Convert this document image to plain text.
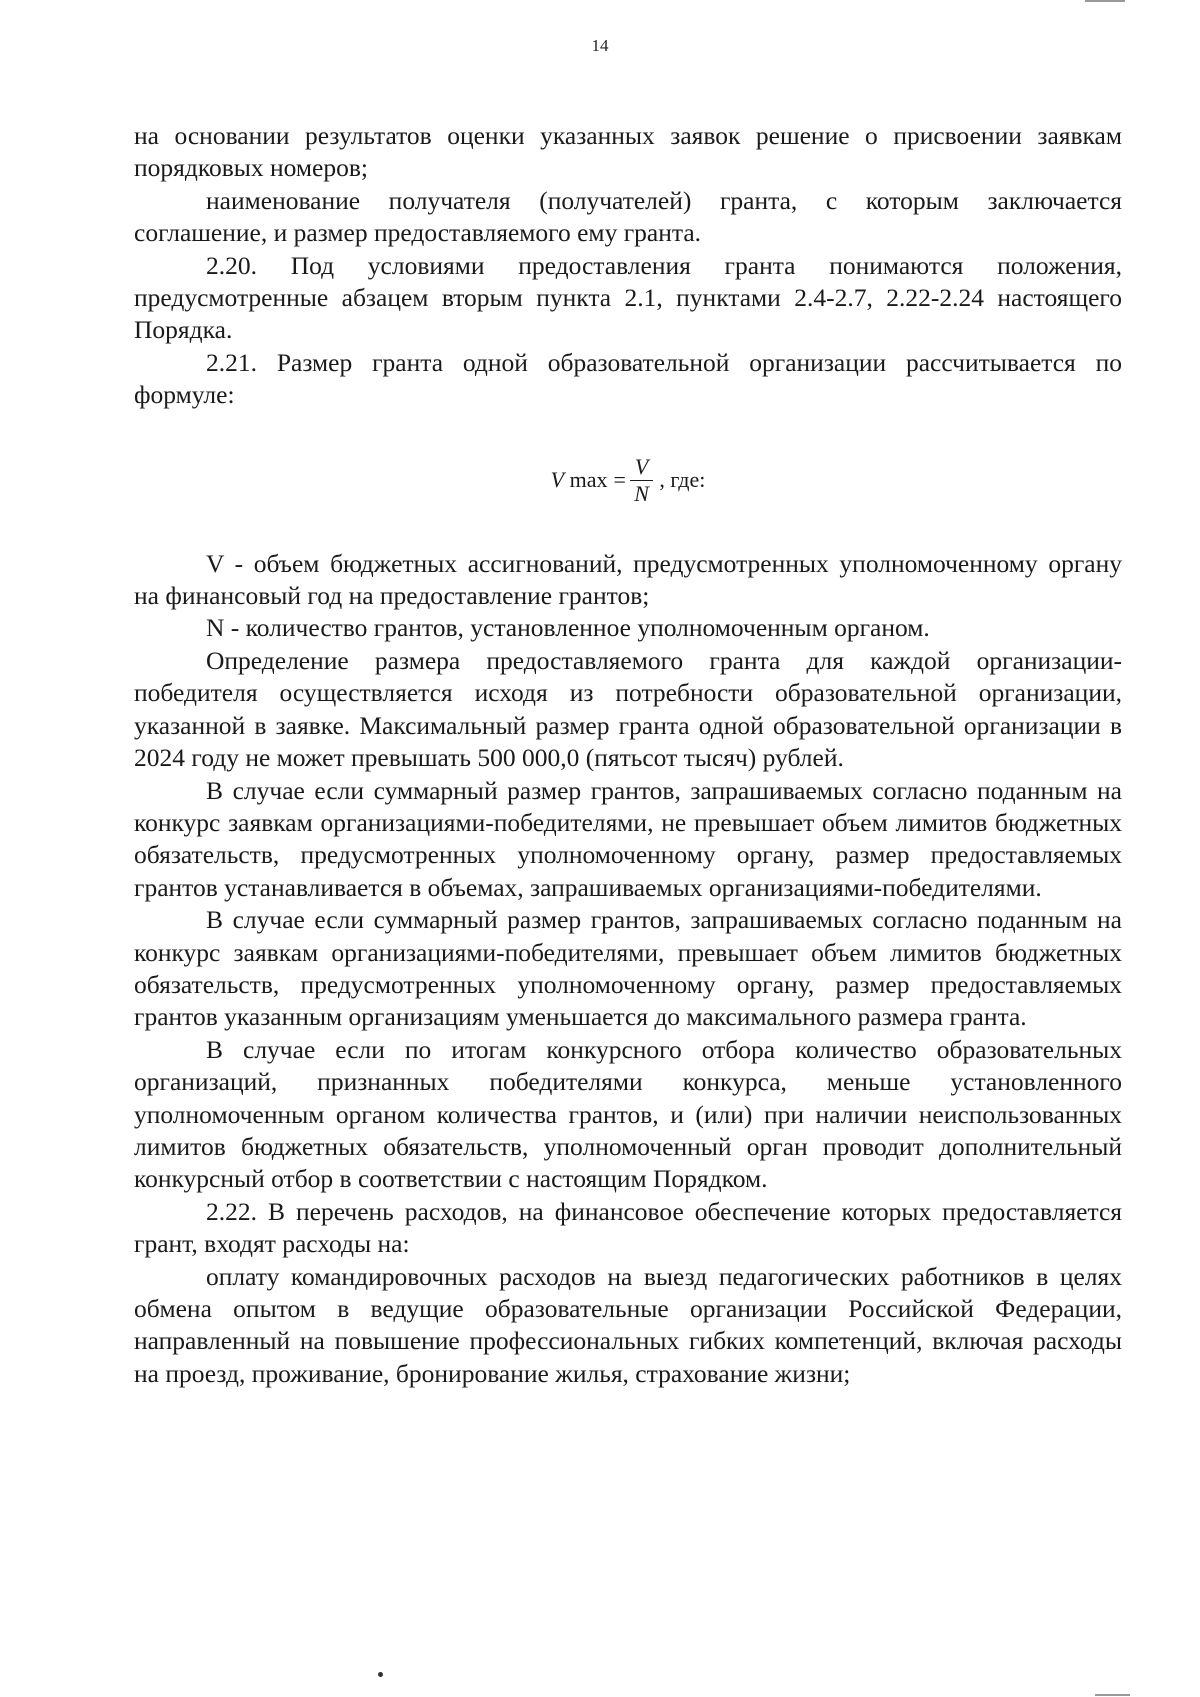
14

на основании результатов оценки указанных заявок решение о присвоении заявкам порядковых номеров;

наименование получателя (получателей) гранта, с которым заключается соглашение, и размер предоставляемого ему гранта.

2.20. Под условиями предоставления гранта понимаются положения, предусмотренные абзацем вторым пункта 2.1, пунктами 2.4-2.7, 2.22-2.24 настоящего Порядка.

2.21. Размер гранта одной образовательной организации рассчитывается по формуле:

V $\max = \frac{V}{N}$ , где:

V - объем бюджетных ассигнований, предусмотренных уполномоченному органу на финансовый год на предоставление грантов;

N - количество грантов, установленное уполномоченным органом.

Определение размера предоставляемого гранта для каждой организации-победителя осуществляется исходя из потребности образовательной организации, указанной в заявке. Максимальный размер гранта одной образовательной организации в 2024 году не может превышать 500 000,0 (пятьсот тысяч) рублей.

В случае если суммарный размер грантов, запрашиваемых согласно поданным на конкурс заявкам организациями-победителями, не превышает объем лимитов бюджетных обязательств, предусмотренных уполномоченному органу, размер предоставляемых грантов устанавливается в объемах, запрашиваемых организациями-победителями.

В случае если суммарный размер грантов, запрашиваемых согласно поданным на конкурс заявкам организациями-победителями, превышает объем лимитов бюджетных обязательств, предусмотренных уполномоченному органу, размер предоставляемых грантов указанным организациям уменьшается до максимального размера гранта.

В случае если по итогам конкурсного отбора количество образовательных организаций, признанных победителями конкурса, меньше установленного уполномоченным органом количества грантов, и (или) при наличии неиспользованных лимитов бюджетных обязательств, уполномоченный орган проводит дополнительный конкурсный отбор в соответствии с настоящим Порядком.

2.22. В перечень расходов, на финансовое обеспечение которых предоставляется грант, входят расходы на:

оплату командировочных расходов на выезд педагогических работников в целях обмена опытом в ведущие образовательные организации Российской Федерации, направленный на повышение профессиональных гибких компетенций, включая расходы на проезд, проживание, бронирование жилья, страхование жизни;
